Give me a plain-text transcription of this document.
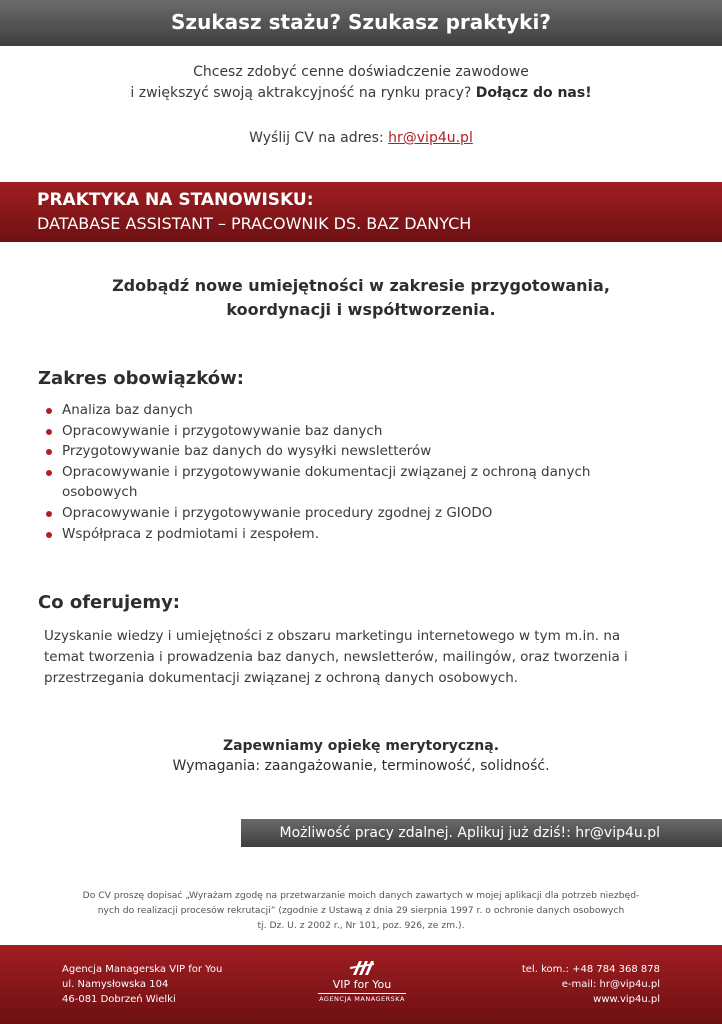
Szukasz stażu? Szukasz praktyki?
Chcesz zdobyć cenne doświadczenie zawodowe
i zwiększyć swoją aktrakcyjność na rynku pracy? Dołącz do nas!
Wyślij CV na adres: hr@vip4u.pl
PRAKTYKA NA STANOWISKU:
DATABASE ASSISTANT – PRACOWNIK DS. BAZ DANYCH
Zdobądź nowe umiejętności w zakresie przygotowania,
koordynacji i współtworzenia.
Zakres obowiązków:
Analiza baz danych
Opracowywanie i przygotowywanie baz danych
Przygotowywanie baz danych do wysyłki newsletterów
Opracowywanie i przygotowywanie dokumentacji związanej z ochroną danych osobowych
Opracowywanie i przygotowywanie procedury zgodnej z GIODO
Współpraca z podmiotami i zespołem.
Co oferujemy:
Uzyskanie wiedzy i umiejętności z obszaru marketingu internetowego w tym m.in. na temat tworzenia i prowadzenia baz danych, newsletterów, mailingów, oraz tworzenia i przestrzegania dokumentacji związanej z ochroną danych osobowych.
Zapewniamy opiekę merytoryczną.
Wymagania: zaangażowanie, terminowość, solidność.
Możliwość pracy zdalnej. Aplikuj już dziś!: hr@vip4u.pl
Do CV proszę dopisać „Wyrażam zgodę na przetwarzanie moich danych zawartych w mojej aplikacji dla potrzeb niezbęd-
nych do realizacji procesów rekrutacji” (zgodnie z Ustawą z dnia 29 sierpnia 1997 r. o ochronie danych osobowych
tj. Dz. U. z 2002 r., Nr 101, poz. 926, ze zm.).
Agencja Managerska VIP for You
ul. Namysłowska 104
46-081 Dobrzeń Wielki
VIP for You
AGENCJA MANAGERSKA
tel. kom.: +48 784 368 878
e-mail: hr@vip4u.pl
www.vip4u.pl
